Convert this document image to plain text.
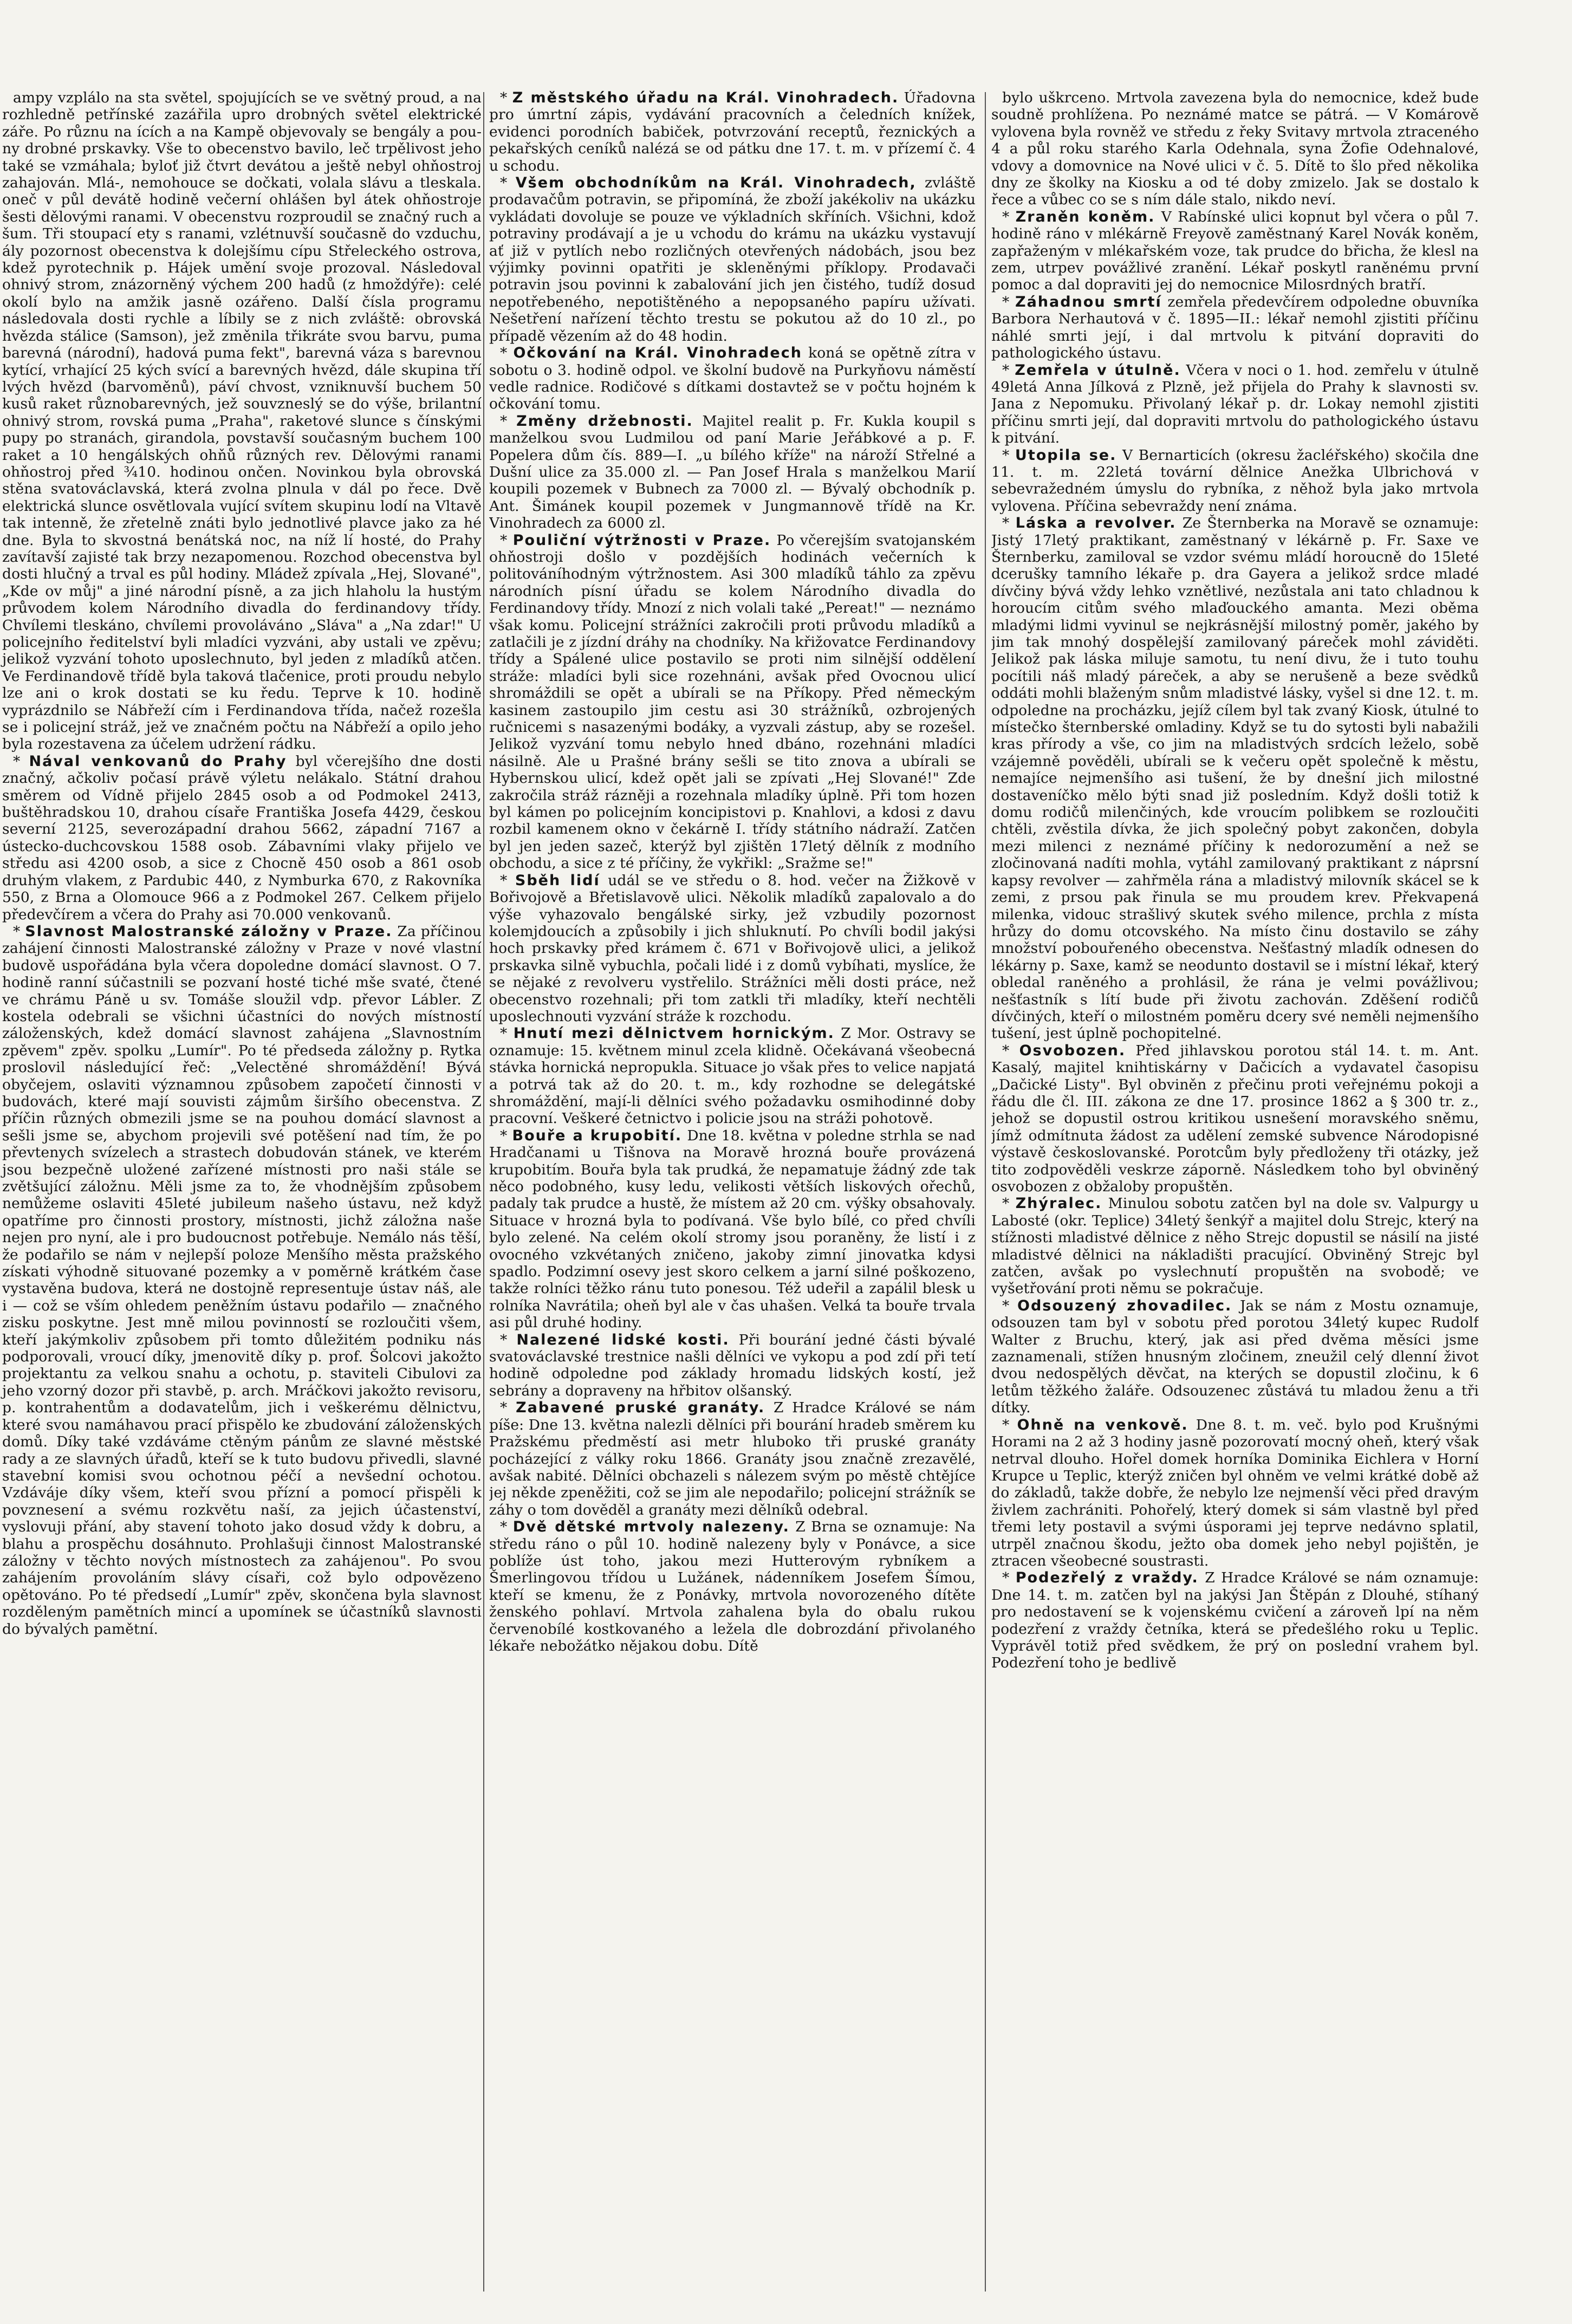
ampy vzplálo na sta světel, spojujících se ve světný proud, a na rozhledně petřínské zazářila upro drobných světel elektrické záře. Po různu na ících a na Kampě objevovaly se bengály a pou-ny drobné prskavky. Vše to obecenstvo bavilo, leč trpělivost jeho také se vzmáhala; byloť již čtvrt devátou a ještě nebyl ohňostroj zahajován. Mlá-, nemohouce se dočkati, volala slávu a tleskala. oneč v půl devátě hodině večerní ohlášen byl átek ohňostroje šesti dělovými ranami. V obecenstvu rozproudil se značný ruch a šum. Tři stoupací ety s ranami, vzlétnuvší současně do vzduchu, ály pozornost obecenstva k dolejšímu cípu Střeleckého ostrova, kdež pyrotechnik p. Hájek umění svoje prozoval. Následoval ohnivý strom, znázorněný výchem 200 hadů (z hmoždýře): celé okolí bylo na amžik jasně ozářeno. Další čísla programu následovala dosti rychle a líbily se z nich zvláště: obrovská hvězda stálice (Samson), jež změnila třikráte svou barvu, puma barevná (národní), hadová puma fekt", barevná váza s barevnou kytící, vrhající 25 kých svící a barevných hvězd, dále skupina tří lvých hvězd (barvoměnů), páví chvost, vzniknuvší buchem 50 kusů raket různobarevných, jež souvzneslý se do výše, brilantní ohnivý strom, rovská puma „Praha", raketové slunce s čínskými pupy po stranách, girandola, povstavší současným buchem 100 raket a 10 hengálských ohňů různých rev. Dělovými ranami ohňostroj před ¾10. hodinou ončen. Novinkou byla obrovská stěna svatováclavská, která zvolna plnula v dál po řece. Dvě elektrická slunce osvětlovala vující svítem skupinu lodí na Vltavě tak intenně, že zřetelně znáti bylo jednotlivé plavce jako za hé dne. Byla to skvostná benátská noc, na níž lí hosté, do Prahy zavítavší zajisté tak brzy nezapomenou. Rozchod obecenstva byl dosti hlučný a trval es půl hodiny. Mládež zpívala „Hej, Slované", „Kde ov můj" a jiné národní písně, a za jich hlaholu la hustým průvodem kolem Národního divadla do ferdinandovy třídy. Chvílemi tleskáno, chvílemi provoláváno „Sláva" a „Na zdar!" U policejního ředitelství byli mladíci vyzváni, aby ustali ve zpěvu; jelikož vyzvání tohoto uposlechnuto, byl jeden z mladíků atčen. Ve Ferdinandově třídě byla taková tlačenice, proti proudu nebylo lze ani o krok dostati se ku ředu. Teprve k 10. hodině vyprázdnilo se Nábřeží cím i Ferdinandova třída, načež rozešla se i policejní stráž, jež ve značném počtu na Nábřeží a opilo jeho byla rozestavena za účelem udržení rádku.

* Nával venkovanů do Prahy byl včerejšího dne dosti značný, ačkoliv počasí právě výletu nelákalo. Státní drahou směrem od Vídně přijelo 2845 osob a od Podmokel 2413, buštěhradskou 10, drahou císaře Františka Josefa 4429, českou severní 2125, severozápadní drahou 5662, západní 7167 a ústecko-duchcovskou 1588 osob. Zábavními vlaky přijelo ve středu asi 4200 osob, a sice z Chocně 450 osob a 861 osob druhým vlakem, z Pardubic 440, z Nymburka 670, z Rakovníka 550, z Brna a Olomouce 966 a z Podmokel 267. Celkem přijelo předevčírem a včera do Prahy asi 70.000 venkovanů.

* Slavnost Malostranské záložny v Praze. Za příčinou zahájení činnosti Malostranské záložny v Praze v nové vlastní budově uspořádána byla včera dopoledne domácí slavnost. O 7. hodině ranní súčastnili se pozvaní hosté tiché mše svaté, čtené ve chrámu Páně u sv. Tomáše sloužil vdp. převor Lábler. Z kostela odebrali se všichni účastníci do nových místností záloženských, kdež domácí slavnost zahájena „Slavnostním zpěvem" zpěv. spolku „Lumír". Po té předseda záložny p. Rytka proslovil následující řeč: „Velectěné shromáždění! Bývá obyčejem, oslaviti významnou způsobem započetí činnosti v budovách, které mají souvisti zájmům širšího obecenstva. Z příčin různých obmezili jsme se na pouhou domácí slavnost a sešli jsme se, abychom projevili své potěšení nad tím, že po převtenych svízelech a strastech dobudován stánek, ve kterém jsou bezpečně uložené zařízené místnosti pro naši stále se zvětšující záložnu. Měli jsme za to, že vhodnějším způsobem nemůžeme oslaviti 45leté jubileum našeho ústavu, než když opatříme pro činnosti prostory, místnosti, jichž záložna naše nejen pro nyní, ale i pro budoucnost potřebuje. Nemálo nás těší, že podařilo se nám v nejlepší poloze Menšího města pražského získati výhodně situované pozemky a v poměrně krátkém čase vystavěna budova, která ne dostojně representuje ústav náš, ale i — což se vším ohledem peněžním ústavu podařilo — značného zisku poskytne. Jest mně milou povinností se rozloučiti všem, kteří jakýmkoliv způsobem při tomto důležitém podniku nás podporovali, vroucí díky, jmenovitě díky p. prof. Šolcovi jakožto projektantu za velkou snahu a ochotu, p. staviteli Cibulovi za jeho vzorný dozor při stavbě, p. arch. Mráčkovi jakožto revisoru, p. kontrahentům a dodavatelům, jich i veškerému dělnictvu, které svou namáhavou prací přispělo ke zbudování záloženských domů. Díky také vzdáváme ctěným pánům ze slavné městské rady a ze slavných úřadů, kteří se k tuto budovu přivedli, slavné stavební komisi svou ochotnou péčí a nevšední ochotou. Vzdáváje díky všem, kteří svou přízní a pomocí přispěli k povznesení a svému rozkvětu naší, za jejich účastenství, vyslovuji přání, aby stavení tohoto jako dosud vždy k dobru, a blahu a prospěchu dosáhnuto. Prohlašuji činnost Malostranské záložny v těchto nových místnostech za zahájenou". Po svou zahájením provoláním slávy císaři, což bylo odpovězeno opětováno. Po té předsedí „Lumír" zpěv, skončena byla slavnost rozděleným pamětních mincí a upomínek se účastníků slavnosti do bývalých pamětní.

* Z městského úřadu na Král. Vinohradech. Úřadovna pro úmrtní zápis, vydávání pracovních a čeledních knížek, evidenci porodních babiček, potvrzování receptů, řeznických a pekařských ceníků nalézá se od pátku dne 17. t. m. v přízemí č. 4 u schodu.

* Všem obchodníkům na Král. Vinohradech, zvláště prodavačům potravin, se připomíná, že zboží jakékoliv na ukázku vykládati dovoluje se pouze ve výkladních skříních. Všichni, kdož potraviny prodávají a je u vchodu do krámu na ukázku vystavují ať již v pytlích nebo rozličných otevřených nádobách, jsou bez výjimky povinni opatřiti je skleněnými příklopy. Prodavači potravin jsou povinni k zabalování jich jen čistého, tudíž dosud nepotřebeného, nepotištěného a nepopsaného papíru užívati. Nešetření nařízení těchto trestu se pokutou až do 10 zl., po případě vězením až do 48 hodin.

* Očkování na Král. Vinohradech koná se opětně zítra v sobotu o 3. hodině odpol. ve školní budově na Purkyňovu náměstí vedle radnice. Rodičové s dítkami dostavtež se v počtu hojném k očkování tomu.

* Změny držebnosti. Majitel realit p. Fr. Kukla koupil s manželkou svou Ludmilou od paní Marie Jeřábkové a p. F. Popelera dům čís. 889—I. „u bílého kříže" na nároží Střelné a Dušní ulice za 35.000 zl. — Pan Josef Hrala s manželkou Marií koupili pozemek v Bubnech za 7000 zl. — Bývalý obchodník p. Ant. Šimánek koupil pozemek v Jungmannově třídě na Kr. Vinohradech za 6000 zl.

* Pouliční výtržnosti v Praze. Po včerejším svatojanském ohňostroji došlo v pozdějších hodinách večerních k politováníhodným výtržnostem. Asi 300 mladíků táhlo za zpěvu národních písní úřadu se kolem Národního divadla do Ferdinandovy třídy. Mnozí z nich volali také „Pereat!" — neznámo však komu. Policejní strážníci zakročili proti průvodu mladíků a zatlačili je z jízdní dráhy na chodníky. Na křižovatce Ferdinandovy třídy a Spálené ulice postavilo se proti nim silnější oddělení stráže: mladíci byli sice rozehnáni, avšak před Ovocnou ulicí shromáždili se opět a ubírali se na Příkopy. Před německým kasinem zastoupilo jim cestu asi 30 strážníků, ozbrojených ručnicemi s nasazenými bodáky, a vyzvali zástup, aby se rozešel. Jelikož vyzvání tomu nebylo hned dbáno, rozehnáni mladíci násilně. Ale u Prašné brány sešli se tito znova a ubírali se Hybernskou ulicí, kdež opět jali se zpívati „Hej Slované!" Zde zakročila stráž rázněji a rozehnala mladíky úplně. Při tom hozen byl kámen po policejním koncipistovi p. Knahlovi, a kdosi z davu rozbil kamenem okno v čekárně I. třídy státního nádraží. Zatčen byl jen jeden sazeč, kterýž byl zjištěn 17letý dělník z modního obchodu, a sice z té příčiny, že vykřikl: „Sražme se!"

* Sběh lidí udál se ve středu o 8. hod. večer na Žižkově v Bořivojově a Břetislavově ulici. Několik mladíků zapalovalo a do výše vyhazovalo bengálské sirky, jež vzbudily pozornost kolemjdoucích a způsobily i jich shluknutí. Po chvíli bodil jakýsi hoch prskavky před krámem č. 671 v Bořivojově ulici, a jelikož prskavka silně vybuchla, počali lidé i z domů vybíhati, myslíce, že se nějaké z revolveru vystřelilo. Strážníci měli dosti práce, než obecenstvo rozehnali; při tom zatkli tři mladíky, kteří nechtěli uposlechnouti vyzvání stráže k rozchodu.

* Hnutí mezi dělnictvem hornickým. Z Mor. Ostravy se oznamuje: 15. květnem minul zcela klidně. Očekávaná všeobecná stávka hornická nepropukla. Situace jo však přes to velice napjatá a potrvá tak až do 20. t. m., kdy rozhodne se delegátské shromáždění, mají-li dělníci svého požadavku osmihodinné doby pracovní. Veškeré četnictvo i policie jsou na stráži pohotově.

* Bouře a krupobití. Dne 18. května v poledne strhla se nad Hradčanami u Tišnova na Moravě hrozná bouře provázená krupobitím. Bouřa byla tak prudká, že nepamatuje žádný zde tak něco podobného, kusy ledu, velikosti větších liskových ořechů, padaly tak prudce a hustě, že místem až 20 cm. výšky obsahovaly. Situace v hrozná byla to podívaná. Vše bylo bílé, co před chvíli bylo zelené. Na celém okolí stromy jsou poraněny, že listí i z ovocného vzkvétaných zničeno, jakoby zimní jinovatka kdysi spadlo. Podzimní osevy jest skoro celkem a jarní silné poškozeno, takže rolníci těžko ránu tuto ponesou. Též udeřil a zapálil blesk u rolníka Navrátila; oheň byl ale v čas uhašen. Velká ta bouře trvala asi půl druhé hodiny.

* Nalezené lidské kosti. Při bourání jedné části bývalé svatováclavské trestnice našli dělníci ve vykopu a pod zdí při tetí hodině odpoledne pod základy hromadu lidských kostí, jež sebrány a dopraveny na hřbitov olšanský.

* Zabavené pruské granáty. Z Hradce Králové se nám píše: Dne 13. května nalezli dělníci při bourání hradeb směrem ku Pražskému předměstí asi metr hluboko tři pruské granáty pocházející z války roku 1866. Granáty jsou značně zrezavělé, avšak nabité. Dělníci obchazeli s nálezem svým po městě chtějíce jej někde zpeněžiti, což se jim ale nepodařilo; policejní strážník se záhy o tom dověděl a granáty mezi dělníků odebral.

* Dvě dětské mrtvoly nalezeny. Z Brna se oznamuje: Na středu ráno o půl 10. hodině nalezeny byly v Ponávce, a sice poblíže úst toho, jakou mezi Hutterovým rybníkem a Šmerlingovou třídou u Lužánek, nádenníkem Josefem Šímou, kteří se kmenu, že z Ponávky, mrtvola novorozeného dítěte ženského pohlaví. Mrtvola zahalena byla do obalu rukou červenobílé kostkovaného a ležela dle dobrozdání přivolaného lékaře nebožátko nějakou dobu. Dítě

bylo uškrceno. Mrtvola zavezena byla do nemocnice, kdež bude soudně prohlížena. Po neznámé matce se pátrá. — V Komárově vylovena byla rovněž ve středu z řeky Svitavy mrtvola ztraceného 4 a půl roku starého Karla Odehnala, syna Žofie Odehnalové, vdovy a domovnice na Nové ulici v č. 5. Dítě to šlo před několika dny ze školky na Kiosku a od té doby zmizelo. Jak se dostalo k řece a vůbec co se s ním dále stalo, nikdo neví.

* Zraněn koněm. V Rabínské ulici kopnut byl včera o půl 7. hodině ráno v mlékárně Freyově zaměstnaný Karel Novák koněm, zapřaženým v mlékařském voze, tak prudce do břicha, že klesl na zem, utrpev povážlivé zranění. Lékař poskytl raněnému první pomoc a dal dopraviti jej do nemocnice Milosrdných bratří.

* Záhadnou smrtí zemřela předevčírem odpoledne obuvníka Barbora Nerhautová v č. 1895—II.: lékař nemohl zjistiti příčinu náhlé smrti její, i dal mrtvolu k pitvání dopraviti do pathologického ústavu.

* Zemřela v útulně. Včera v noci o 1. hod. zemřelu v útulně 49letá Anna Jílková z Plzně, jež přijela do Prahy k slavnosti sv. Jana z Nepomuku. Přivolaný lékař p. dr. Lokay nemohl zjistiti příčinu smrti její, dal dopraviti mrtvolu do pathologického ústavu k pitvání.

* Utopila se. V Bernarticích (okresu žacléřského) skočila dne 11. t. m. 22letá tovární dělnice Anežka Ulbrichová v sebevražedném úmyslu do rybníka, z něhož byla jako mrtvola vylovena. Příčina sebevraždy není známa.

* Láska a revolver. Ze Šternberka na Moravě se oznamuje: Jistý 17letý praktikant, zaměstnaný v lékárně p. Fr. Saxe ve Šternberku, zamiloval se vzdor svému mládí horoucně do 15leté dcerušky tamního lékaře p. dra Gayera a jelikož srdce mladé dívčiny bývá vždy lehko vznětlivé, nezůstala ani tato chladnou k horoucím citům svého mlaďouckého amanta. Mezi oběma mladými lidmi vyvinul se nejkrásnější milostný poměr, jakého by jim tak mnohý dospělejší zamilovaný páreček mohl záviděti. Jelikož pak láska miluje samotu, tu není divu, že i tuto touhu pocítili náš mladý páreček, a aby se nerušeně a beze svědků oddáti mohli blaženým snům mladistvé lásky, vyšel si dne 12. t. m. odpoledne na procházku, jejíž cílem byl tak zvaný Kiosk, útulné to místečko šternberské omladiny. Když se tu do sytosti byli nabažili kras přírody a vše, co jim na mladistvých srdcích leželo, sobě vzájemně pověděli, ubírali se k večeru opět společně k městu, nemajíce nejmenšího asi tušení, že by dnešní jich milostné dostaveníčko mělo býti snad již posledním. Když došli totiž k domu rodičů milenčiných, kde vroucím polibkem se rozloučiti chtěli, zvěstila dívka, že jich společný pobyt zakončen, dobyla mezi milenci z neznámé příčiny k nedorozumění a než se zločinovaná nadíti mohla, vytáhl zamilovaný praktikant z náprsní kapsy revolver — zahřměla rána a mladistvý milovník skácel se k zemi, z prsou pak řinula se mu proudem krev. Překvapená milenka, vidouc strašlivý skutek svého milence, prchla z místa hrůzy do domu otcovského. Na místo činu dostavilo se záhy množství pobouřeného obecenstva. Nešťastný mladík odnesen do lékárny p. Saxe, kamž se neodunto dostavil se i místní lékař, který obledal raněného a prohlásil, že rána je velmi povážlivou; nešťastník s lítí bude při životu zachován. Zděšení rodičů dívčiných, kteří o milostném poměru dcery své neměli nejmenšího tušení, jest úplně pochopitelné.

* Osvobozen. Před jihlavskou porotou stál 14. t. m. Ant. Kasalý, majitel knihtiskárny v Dačicích a vydavatel časopisu „Dačické Listy". Byl obviněn z přečinu proti veřejnému pokoji a řádu dle čl. III. zákona ze dne 17. prosince 1862 a § 300 tr. z., jehož se dopustil ostrou kritikou usnešení moravského sněmu, jímž odmítnuta žádost za udělení zemské subvence Národopisné výstavě českoslovanské. Porotcům byly předloženy tři otázky, jež tito zodpověděli veskrze záporně. Následkem toho byl obviněný osvobozen z obžaloby propuštěn.

* Zhýralec. Minulou sobotu zatčen byl na dole sv. Valpurgy u Labosté (okr. Teplice) 34letý šenkýř a majitel dolu Strejc, který na stížnosti mladistvé dělnice z něho Strejc dopustil se násilí na jisté mladistvé dělnici na nákladišti pracující. Obviněný Strejc byl zatčen, avšak po vyslechnutí propuštěn na svobodě; ve vyšetřování proti němu se pokračuje.

* Odsouzený zhovadilec. Jak se nám z Mostu oznamuje, odsouzen tam byl v sobotu před porotou 34letý kupec Rudolf Walter z Bruchu, který, jak asi před dvěma měsíci jsme zaznamenali, stížen hnusným zločinem, zneužil celý dlenní život dvou nedospělých děvčat, na kterých se dopustil zločinu, k 6 letům těžkého žaláře. Odsouzenec zůstává tu mladou ženu a tři dítky.

* Ohně na venkově. Dne 8. t. m. več. bylo pod Krušnými Horami na 2 až 3 hodiny jasně pozorovatí mocný oheň, který však netrval dlouho. Hořel domek horníka Dominika Eichlera v Horní Krupce u Teplic, kterýž zničen byl ohněm ve velmi krátké době až do základů, takže dobře, že nebylo lze nejmenší věci před dravým živlem zachrániti. Pohořelý, který domek si sám vlastně byl před třemi lety postavil a svými úsporami jej teprve nedávno splatil, utrpěl značnou škodu, ježto oba domek jeho nebyl pojištěn, je ztracen všeobecné soustrasti.

* Podezřelý z vraždy. Z Hradce Králové se nám oznamuje: Dne 14. t. m. zatčen byl na jakýsi Jan Štěpán z Dlouhé, stíhaný pro nedostavení se k vojenskému cvičení a zároveň lpí na něm podezření z vraždy četníka, která se předešlého roku u Teplic. Vyprávěl totiž před svědkem, že prý on poslední vrahem byl. Podezření toho je bedlivě
